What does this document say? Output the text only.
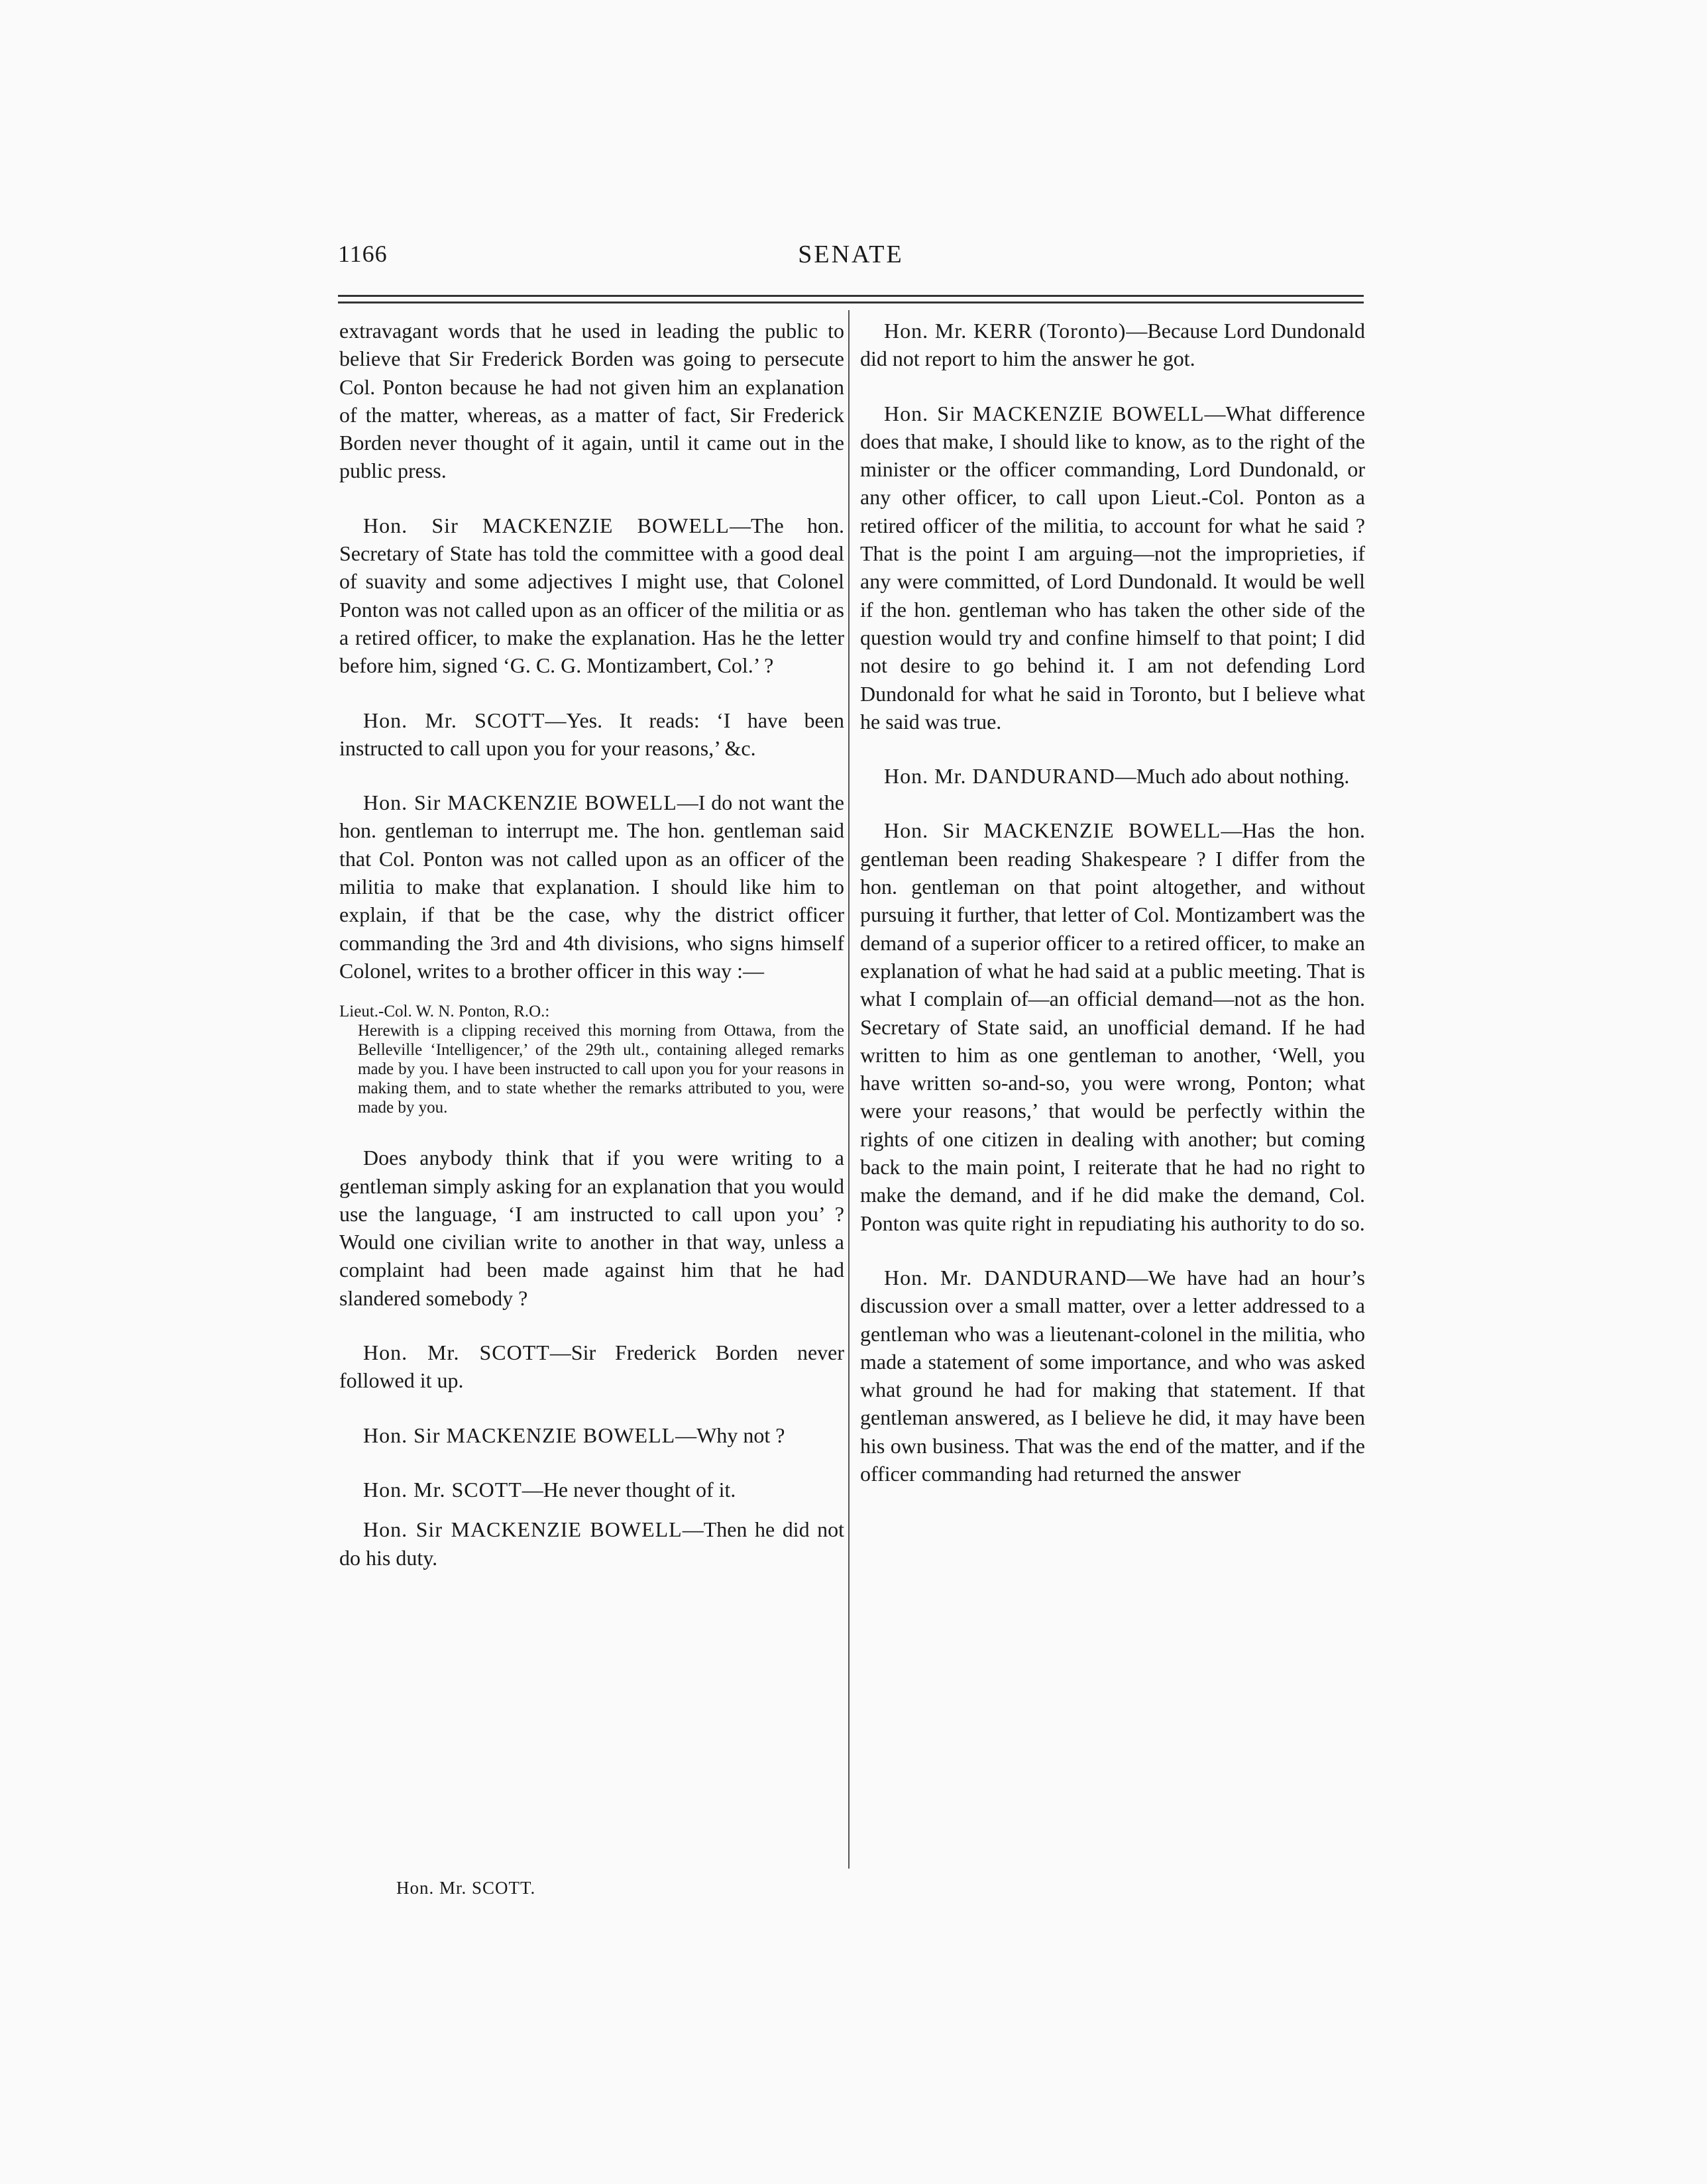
1166	SENATE

extravagant words that he used in leading the public to believe that Sir Frederick Borden was going to persecute Col. Ponton because he had not given him an explanation of the matter, whereas, as a matter of fact, Sir Frederick Borden never thought of it again, until it came out in the public press.

Hon. Sir MACKENZIE BOWELL—The hon. Secretary of State has told the committee with a good deal of suavity and some adjectives I might use, that Colonel Ponton was not called upon as an officer of the militia or as a retired officer, to make the explanation. Has he the letter before him, signed ‘G. C. G. Montizambert, Col.’ ?

Hon. Mr. SCOTT—Yes. It reads: ‘I have been instructed to call upon you for your reasons,’ &c.

Hon. Sir MACKENZIE BOWELL—I do not want the hon. gentleman to interrupt me. The hon. gentleman said that Col. Ponton was not called upon as an officer of the militia to make that explanation. I should like him to explain, if that be the case, why the district officer commanding the 3rd and 4th divisions, who signs himself Colonel, writes to a brother officer in this way :—

Lieut.-Col. W. N. Ponton, R.O.:

Herewith is a clipping received this morning from Ottawa, from the Belleville ‘Intelligencer,’ of the 29th ult., containing alleged remarks made by you. I have been instructed to call upon you for your reasons in making them, and to state whether the remarks attributed to you, were made by you.

Does anybody think that if you were writing to a gentleman simply asking for an explanation that you would use the language, ‘I am instructed to call upon you’ ? Would one civilian write to another in that way, unless a complaint had been made against him that he had slandered somebody ?

Hon. Mr. SCOTT—Sir Frederick Borden never followed it up.

Hon. Sir MACKENZIE BOWELL—Why not ?

Hon. Mr. SCOTT—He never thought of it.

Hon. Sir MACKENZIE BOWELL—Then he did not do his duty.

Hon. Mr. KERR (Toronto)—Because Lord Dundonald did not report to him the answer he got.

Hon. Sir MACKENZIE BOWELL—What difference does that make, I should like to know, as to the right of the minister or the officer commanding, Lord Dundonald, or any other officer, to call upon Lieut.-Col. Ponton as a retired officer of the militia, to account for what he said ? That is the point I am arguing—not the improprieties, if any were committed, of Lord Dundonald. It would be well if the hon. gentleman who has taken the other side of the question would try and confine himself to that point; I did not desire to go behind it. I am not defending Lord Dundonald for what he said in Toronto, but I believe what he said was true.

Hon. Mr. DANDURAND—Much ado about nothing.

Hon. Sir MACKENZIE BOWELL—Has the hon. gentleman been reading Shakespeare ? I differ from the hon. gentleman on that point altogether, and without pursuing it further, that letter of Col. Montizambert was the demand of a superior officer to a retired officer, to make an explanation of what he had said at a public meeting. That is what I complain of—an official demand—not as the hon. Secretary of State said, an unofficial demand. If he had written to him as one gentleman to another, ‘Well, you have written so-and-so, you were wrong, Ponton; what were your reasons,’ that would be perfectly within the rights of one citizen in dealing with another; but coming back to the main point, I reiterate that he had no right to make the demand, and if he did make the demand, Col. Ponton was quite right in repudiating his authority to do so.

Hon. Mr. DANDURAND—We have had an hour’s discussion over a small matter, over a letter addressed to a gentleman who was a lieutenant-colonel in the militia, who made a statement of some importance, and who was asked what ground he had for making that statement. If that gentleman answered, as I believe he did, it may have been his own business. That was the end of the matter, and if the officer commanding had returned the answer

Hon. Mr. SCOTT.
